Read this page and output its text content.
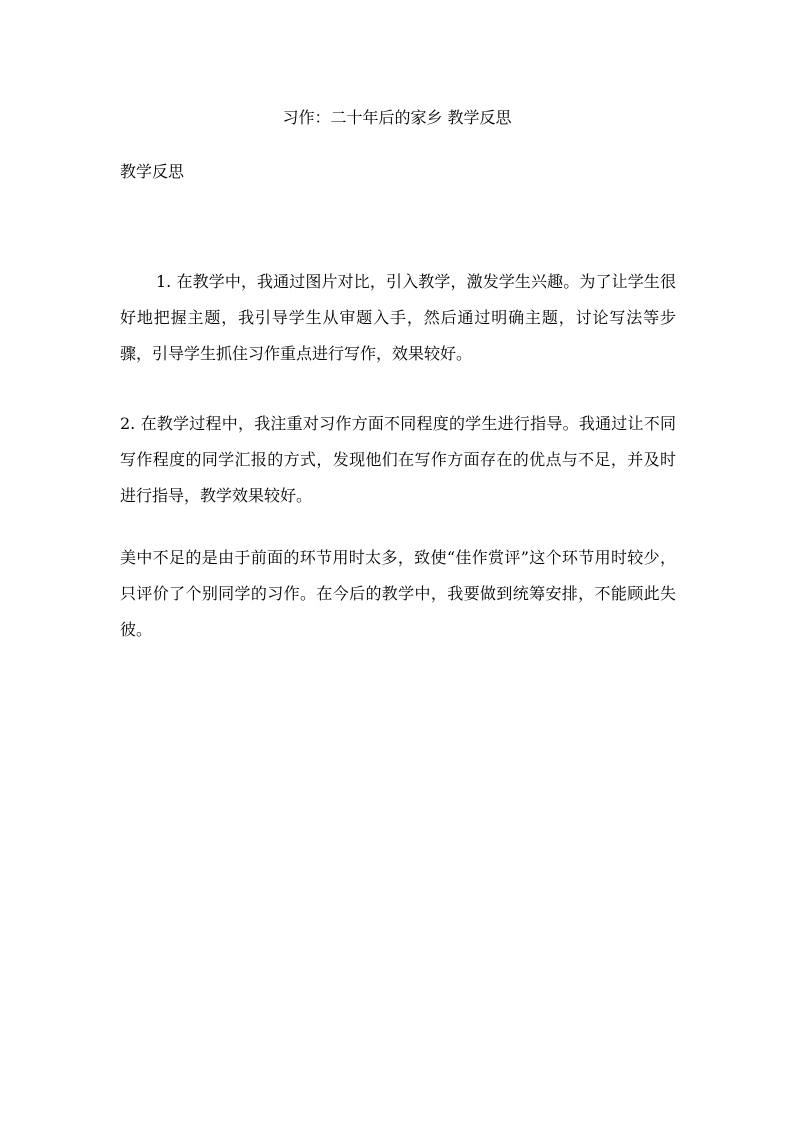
习作：二十年后的家乡 教学反思
教学反思

1. 在教学中，我通过图片对比，引入教学，激发学生兴趣。为了让学生很好地把握主题，我引导学生从审题入手，然后通过明确主题，讨论写法等步骤，引导学生抓住习作重点进行写作，效果较好。

2. 在教学过程中，我注重对习作方面不同程度的学生进行指导。我通过让不同写作程度的同学汇报的方式，发现他们在写作方面存在的优点与不足，并及时进行指导，教学效果较好。

美中不足的是由于前面的环节用时太多，致使“佳作赏评”这个环节用时较少，只评价了个别同学的习作。在今后的教学中，我要做到统筹安排，不能顾此失彼。
